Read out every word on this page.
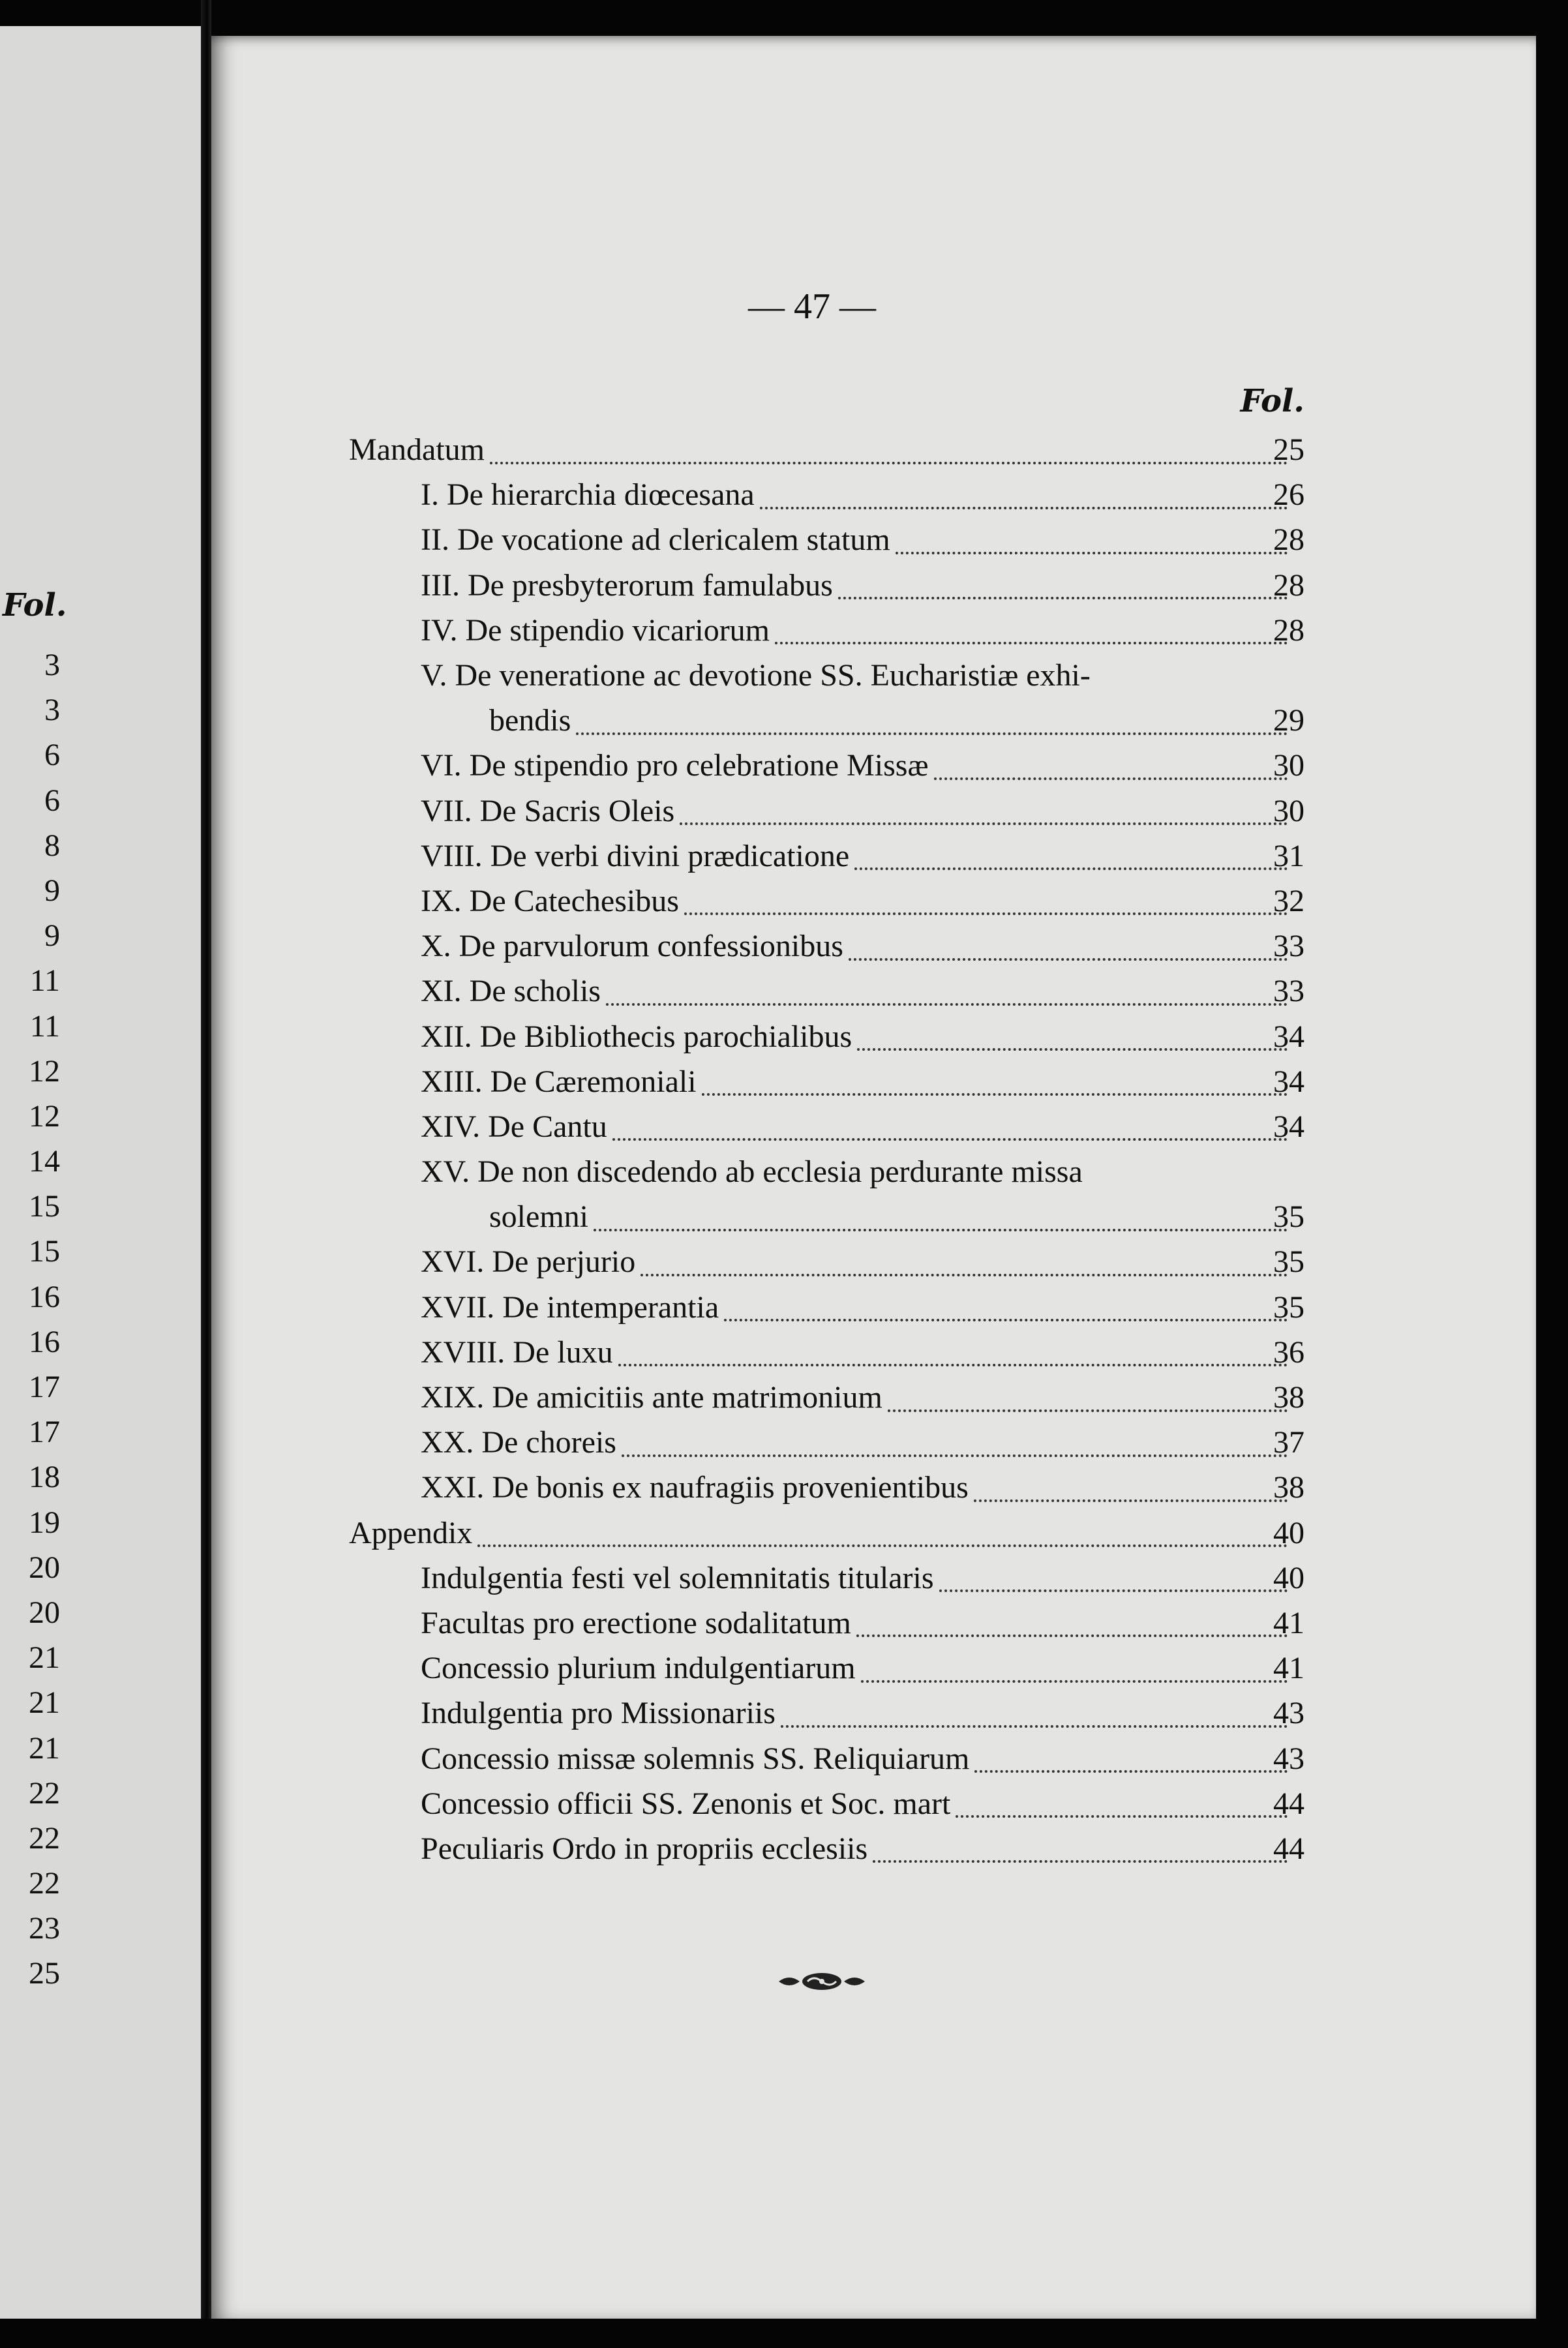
Fol.
3
3
6
6
8
9
9
11
11
12
12
14
15
15
16
16
17
17
18
19
20
20
21
21
21
22
22
22
23
25
— 47 —
Fol.
Mandatum	25
I. De hierarchia diœcesana	26
II. De vocatione ad clericalem statum	28
III. De presbyterorum famulabus	28
IV. De stipendio vicariorum	28
V. De veneratione ac devotione SS. Eucharistiæ exhi-
bendis	29
VI. De stipendio pro celebratione Missæ	30
VII. De Sacris Oleis	30
VIII. De verbi divini prædicatione	31
IX. De Catechesibus	32
X. De parvulorum confessionibus	33
XI. De scholis	33
XII. De Bibliothecis parochialibus	34
XIII. De Cæremoniali	34
XIV. De Cantu	34
XV. De non discedendo ab ecclesia perdurante missa
solemni	35
XVI. De perjurio	35
XVII. De intemperantia	35
XVIII. De luxu	36
XIX. De amicitiis ante matrimonium	38
XX. De choreis	37
XXI. De bonis ex naufragiis provenientibus	38
Appendix	40
Indulgentia festi vel solemnitatis titularis	40
Facultas pro erectione sodalitatum	41
Concessio plurium indulgentiarum	41
Indulgentia pro Missionariis	43
Concessio missæ solemnis SS. Reliquiarum	43
Concessio officii SS. Zenonis et Soc. mart	44
Peculiaris Ordo in propriis ecclesiis	44
